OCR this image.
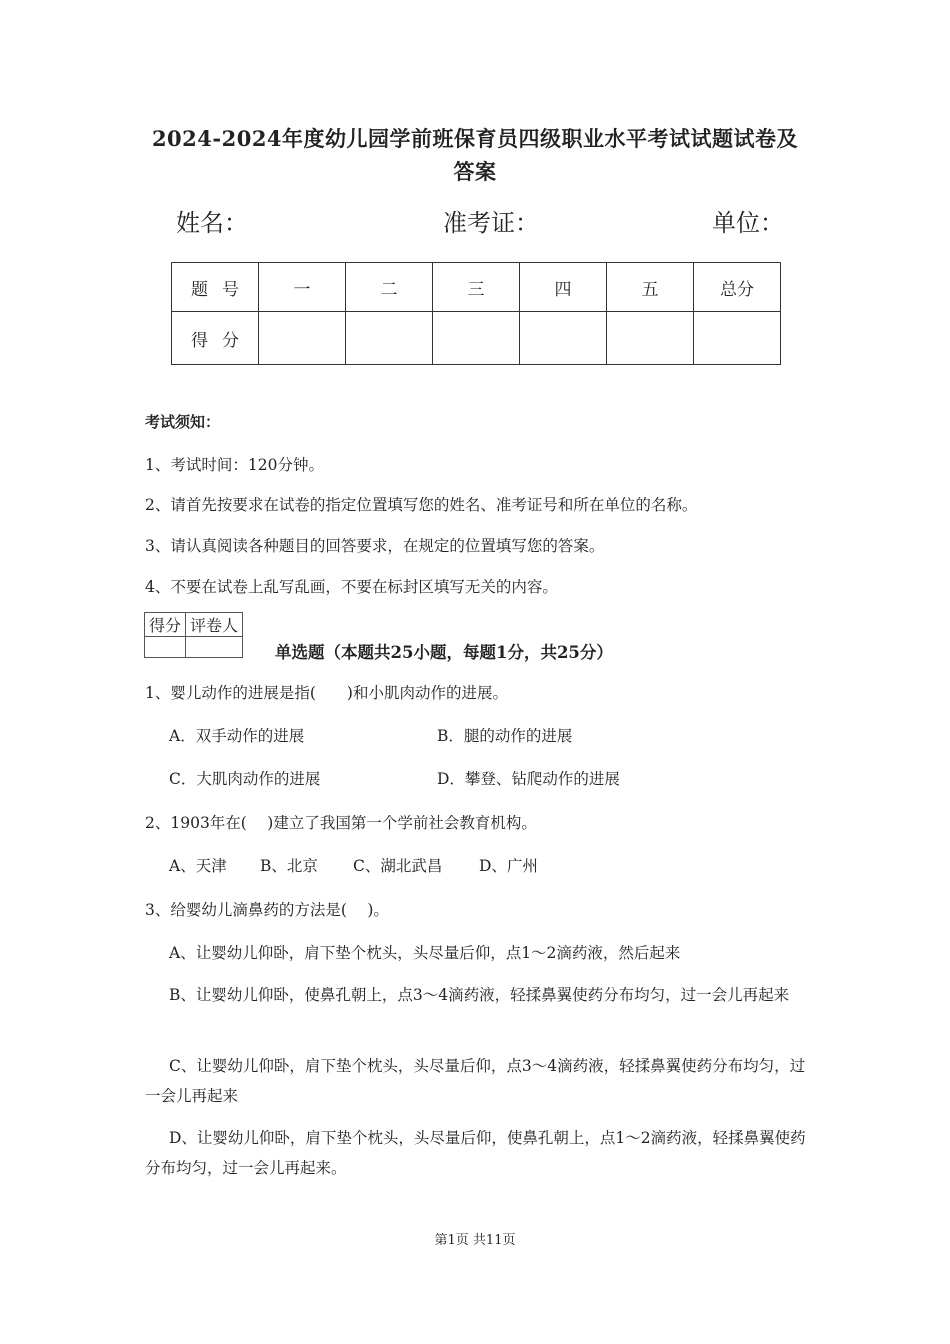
2024-2024年度幼儿园学前班保育员四级职业水平考试试题试卷及
答案
姓名：	准考证：	单位：
题号	一	二	三	四	五	总分
得分						
考试须知：
1、考试时间：120分钟。
2、请首先按要求在试卷的指定位置填写您的姓名、准考证号和所在单位的名称。
3、请认真阅读各种题目的回答要求，在规定的位置填写您的答案。
4、不要在试卷上乱写乱画，不要在标封区填写无关的内容。
得分	评卷人

单选题（本题共25小题，每题1分，共25分）
1、婴儿动作的进展是指(　　)和小肌肉动作的进展。
A．双手动作的进展	B．腿的动作的进展
C．大肌肉动作的进展	D．攀登、钻爬动作的进展
2、1903年在(　 )建立了我国第一个学前社会教育机构。
A、天津 B、北京 C、湖北武昌 D、广州
3、给婴幼儿滴鼻药的方法是(　 )。
A、让婴幼儿仰卧，肩下垫个枕头，头尽量后仰，点1～2滴药液，然后起来
B、让婴幼儿仰卧，使鼻孔朝上，点3～4滴药液，轻揉鼻翼使药分布均匀，过一会儿再起来
C、让婴幼儿仰卧，肩下垫个枕头，头尽量后仰，点3～4滴药液，轻揉鼻翼使药分布均匀，过一会儿再起来
D、让婴幼儿仰卧，肩下垫个枕头，头尽量后仰，使鼻孔朝上，点1～2滴药液，轻揉鼻翼使药分布均匀，过一会儿再起来。
第1页 共11页
